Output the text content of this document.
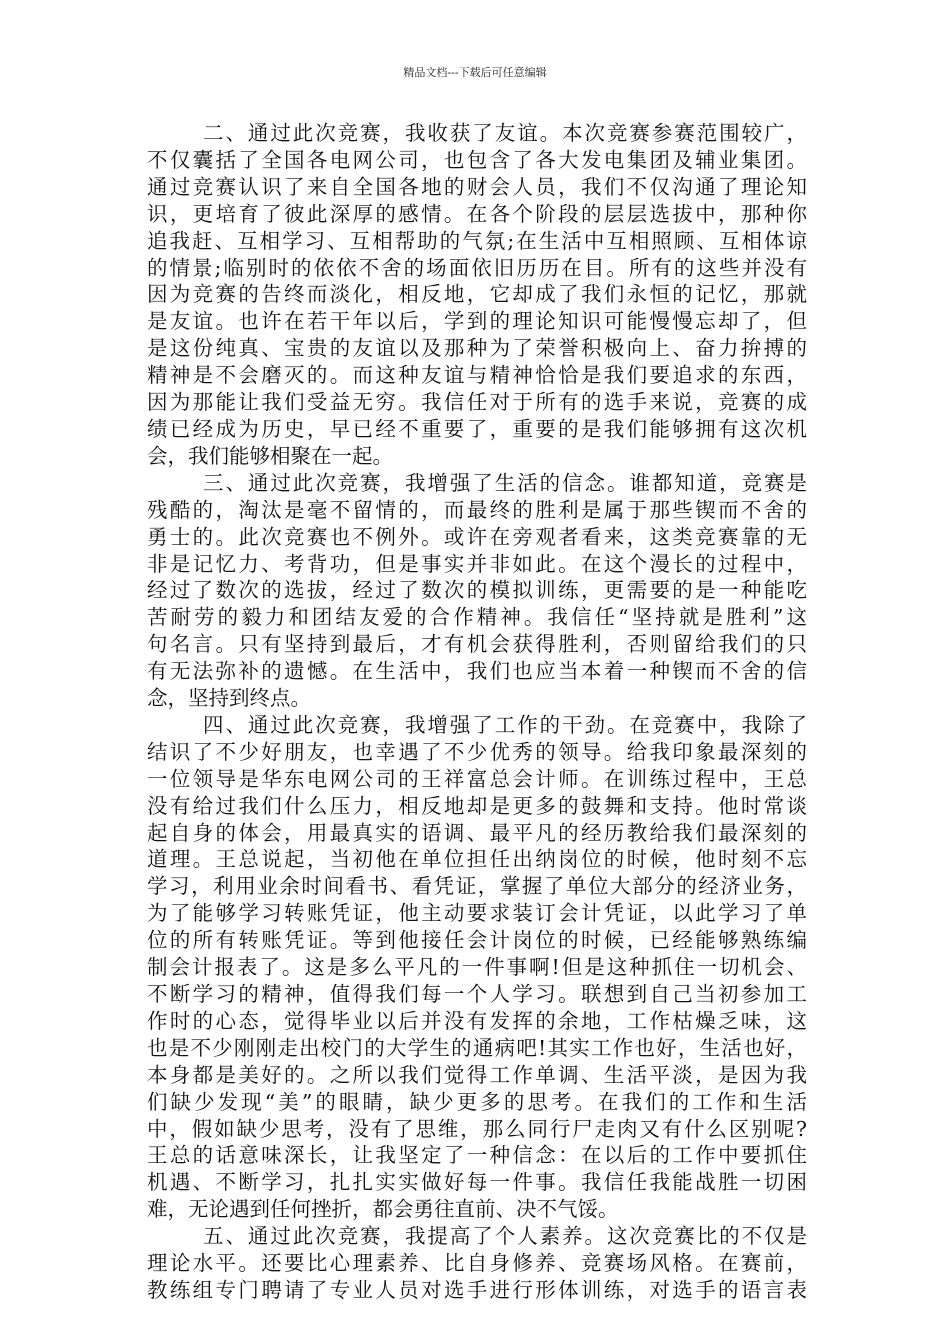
精品文档---下载后可任意编辑
二、通过此次竞赛，我收获了友谊。本次竞赛参赛范围较广，
不仅囊括了全国各电网公司，也包含了各大发电集团及辅业集团。
通过竞赛认识了来自全国各地的财会人员，我们不仅沟通了理论知
识，更培育了彼此深厚的感情。在各个阶段的层层选拔中，那种你
追我赶、互相学习、互相帮助的气氛;在生活中互相照顾、互相体谅
的情景;临别时的依依不舍的场面依旧历历在目。所有的这些并没有
因为竞赛的告终而淡化，相反地，它却成了我们永恒的记忆，那就
是友谊。也许在若干年以后，学到的理论知识可能慢慢忘却了，但
是这份纯真、宝贵的友谊以及那种为了荣誉积极向上、奋力拚搏的
精神是不会磨灭的。而这种友谊与精神恰恰是我们要追求的东西，
因为那能让我们受益无穷。我信任对于所有的选手来说，竞赛的成
绩已经成为历史，早已经不重要了，重要的是我们能够拥有这次机
会，我们能够相聚在一起。
三、通过此次竞赛，我增强了生活的信念。谁都知道，竞赛是
残酷的，淘汰是毫不留情的，而最终的胜利是属于那些锲而不舍的
勇士的。此次竞赛也不例外。或许在旁观者看来，这类竞赛靠的无
非是记忆力、考背功，但是事实并非如此。在这个漫长的过程中，
经过了数次的选拔，经过了数次的模拟训练，更需要的是一种能吃
苦耐劳的毅力和团结友爱的合作精神。我信任“坚持就是胜利”这
句名言。只有坚持到最后，才有机会获得胜利，否则留给我们的只
有无法弥补的遗憾。在生活中，我们也应当本着一种锲而不舍的信
念，坚持到终点。
四、通过此次竞赛，我增强了工作的干劲。在竞赛中，我除了
结识了不少好朋友，也幸遇了不少优秀的领导。给我印象最深刻的
一位领导是华东电网公司的王祥富总会计师。在训练过程中，王总
没有给过我们什么压力，相反地却是更多的鼓舞和支持。他时常谈
起自身的体会，用最真实的语调、最平凡的经历教给我们最深刻的
道理。王总说起，当初他在单位担任出纳岗位的时候，他时刻不忘
学习，利用业余时间看书、看凭证，掌握了单位大部分的经济业务，
为了能够学习转账凭证，他主动要求装订会计凭证，以此学习了单
位的所有转账凭证。等到他接任会计岗位的时候，已经能够熟练编
制会计报表了。这是多么平凡的一件事啊!但是这种抓住一切机会、
不断学习的精神，值得我们每一个人学习。联想到自己当初参加工
作时的心态，觉得毕业以后并没有发挥的余地，工作枯燥乏味，这
也是不少刚刚走出校门的大学生的通病吧!其实工作也好，生活也好，
本身都是美好的。之所以我们觉得工作单调、生活平淡，是因为我
们缺少发现“美”的眼睛，缺少更多的思考。在我们的工作和生活
中，假如缺少思考，没有了思维，那么同行尸走肉又有什么区别呢?
王总的话意味深长，让我坚定了一种信念：在以后的工作中要抓住
机遇、不断学习，扎扎实实做好每一件事。我信任我能战胜一切困
难，无论遇到任何挫折，都会勇往直前、决不气馁。
五、通过此次竞赛，我提高了个人素养。这次竞赛比的不仅是
理论水平。还要比心理素养、比自身修养、竞赛场风格。在赛前，
教练组专门聘请了专业人员对选手进行形体训练，对选手的语言表
